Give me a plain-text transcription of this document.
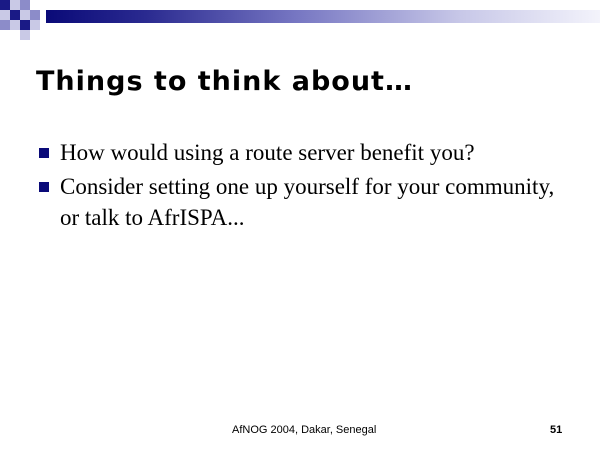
Things to think about…
How would using a route server benefit you?
Consider setting one up yourself for your community, or talk to AfrISPA...
AfNOG 2004, Dakar, Senegal	51
